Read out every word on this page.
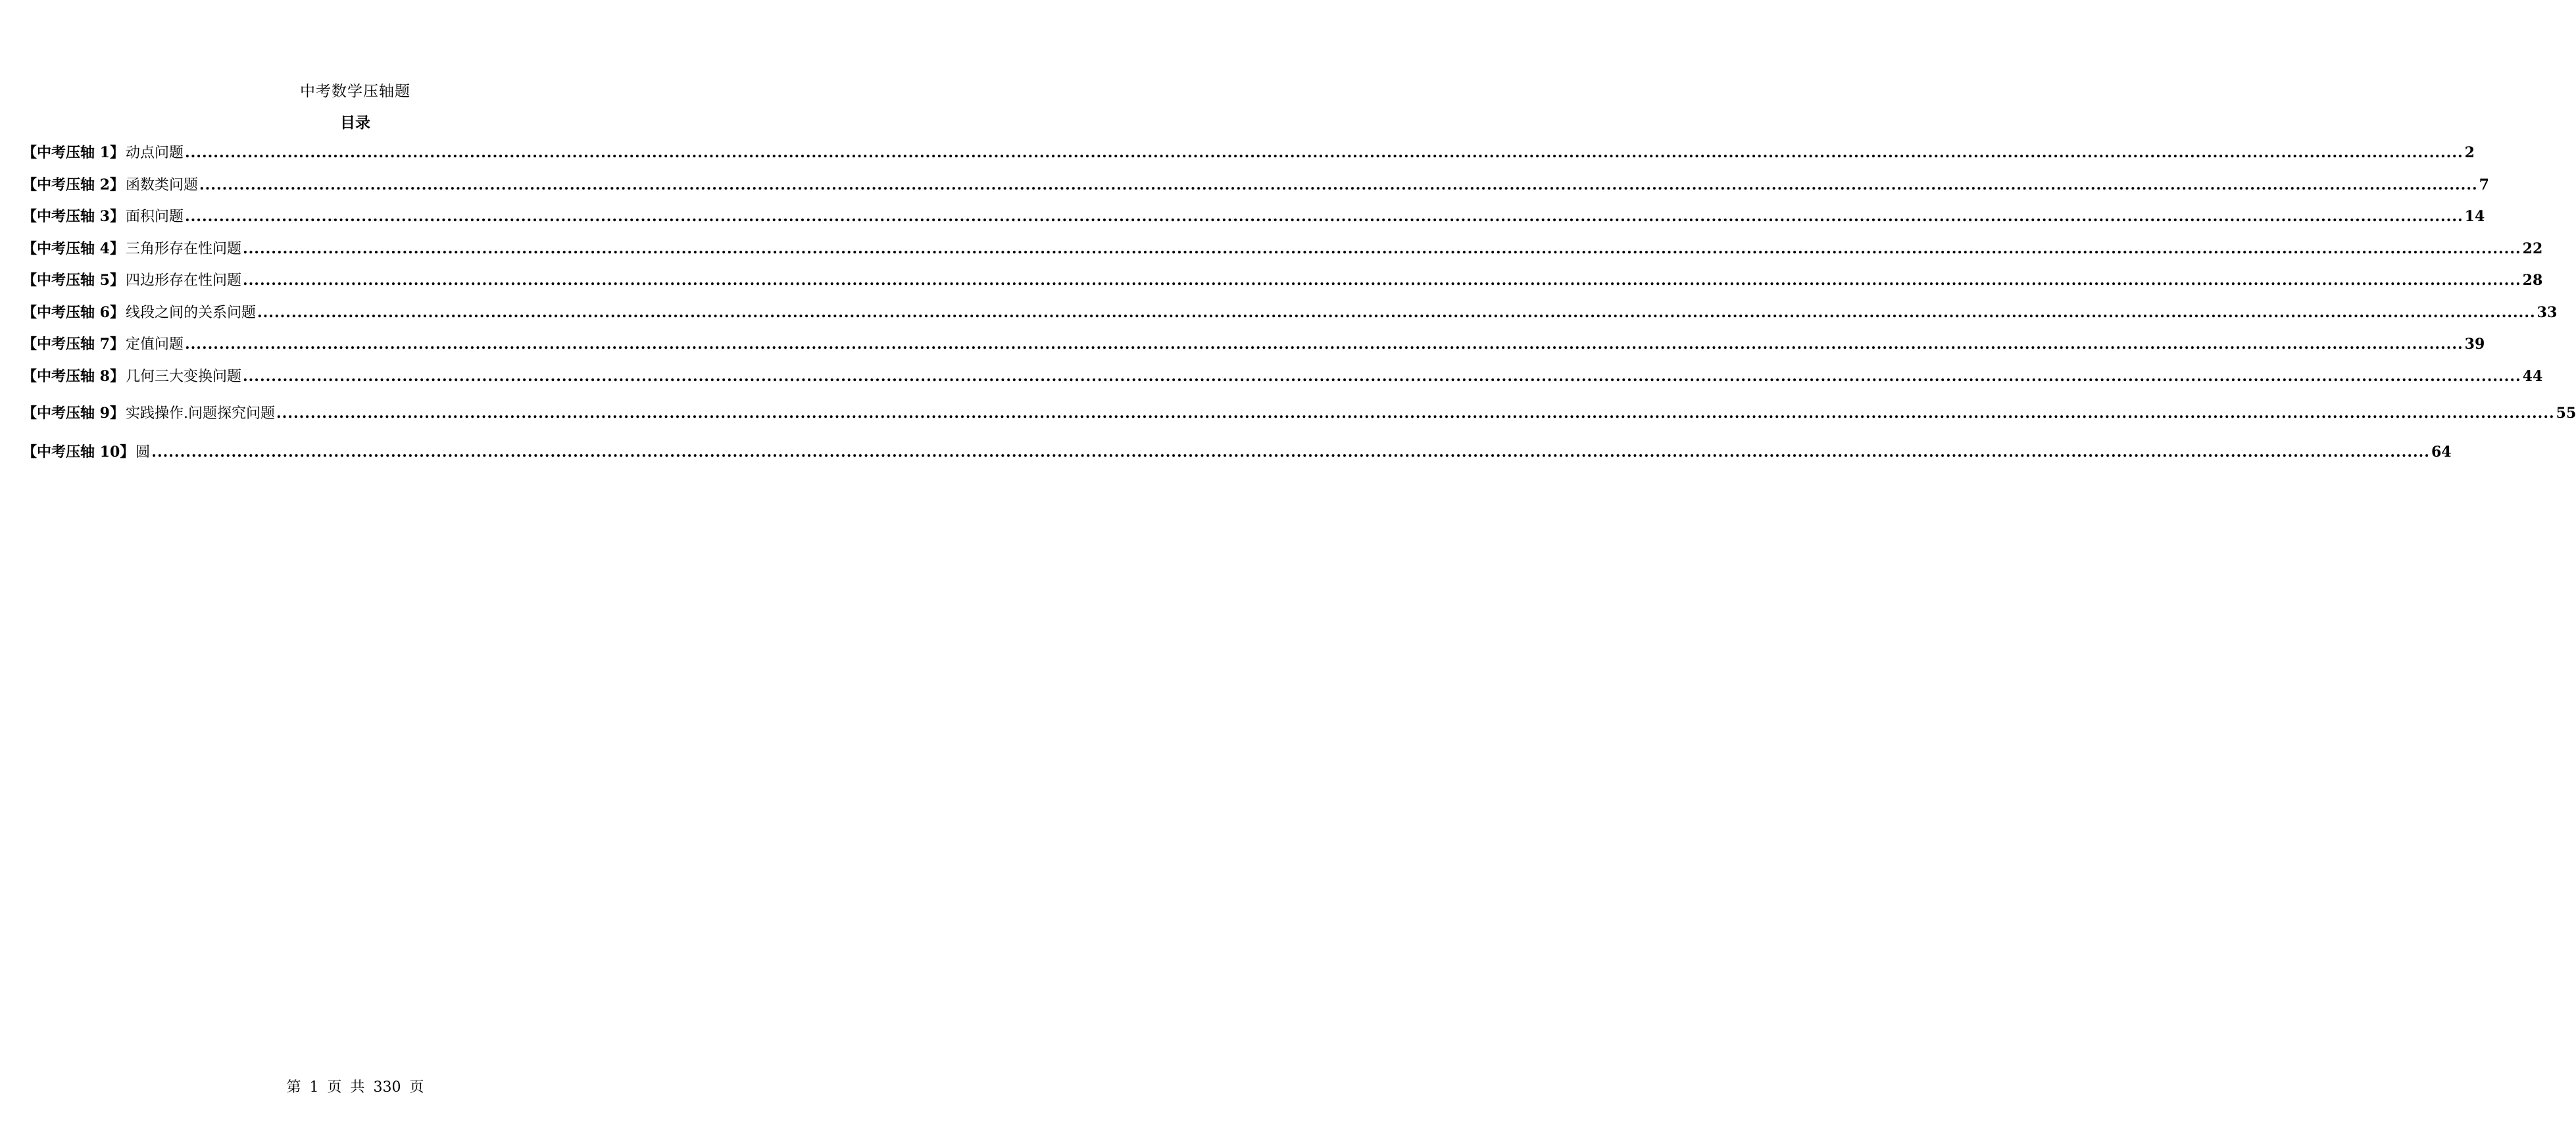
中考数学压轴题
目录
【中考压轴 1】 动点问题 ................................................................................................................................................................................................................................................................................................................................................................................................................ 2
【中考压轴 2】 函数类问题 ................................................................................................................................................................................................................................................................................................................................................................................................................ 7
【中考压轴 3】 面积问题 ................................................................................................................................................................................................................................................................................................................................................................................................................ 14
【中考压轴 4】 三角形存在性问题 ................................................................................................................................................................................................................................................................................................................................................................................................................ 22
【中考压轴 5】 四边形存在性问题 ................................................................................................................................................................................................................................................................................................................................................................................................................ 28
【中考压轴 6】 线段之间的关系问题 ................................................................................................................................................................................................................................................................................................................................................................................................................ 33
【中考压轴 7】 定值问题 ................................................................................................................................................................................................................................................................................................................................................................................................................ 39
【中考压轴 8】 几何三大变换问题 ................................................................................................................................................................................................................................................................................................................................................................................................................ 44
【中考压轴 9】 实践操作.问题探究问题 ................................................................................................................................................................................................................................................................................................................................................................................................................ 55
【中考压轴 10】 圆 ................................................................................................................................................................................................................................................................................................................................................................................................................ 64
第 1 页 共 330 页
